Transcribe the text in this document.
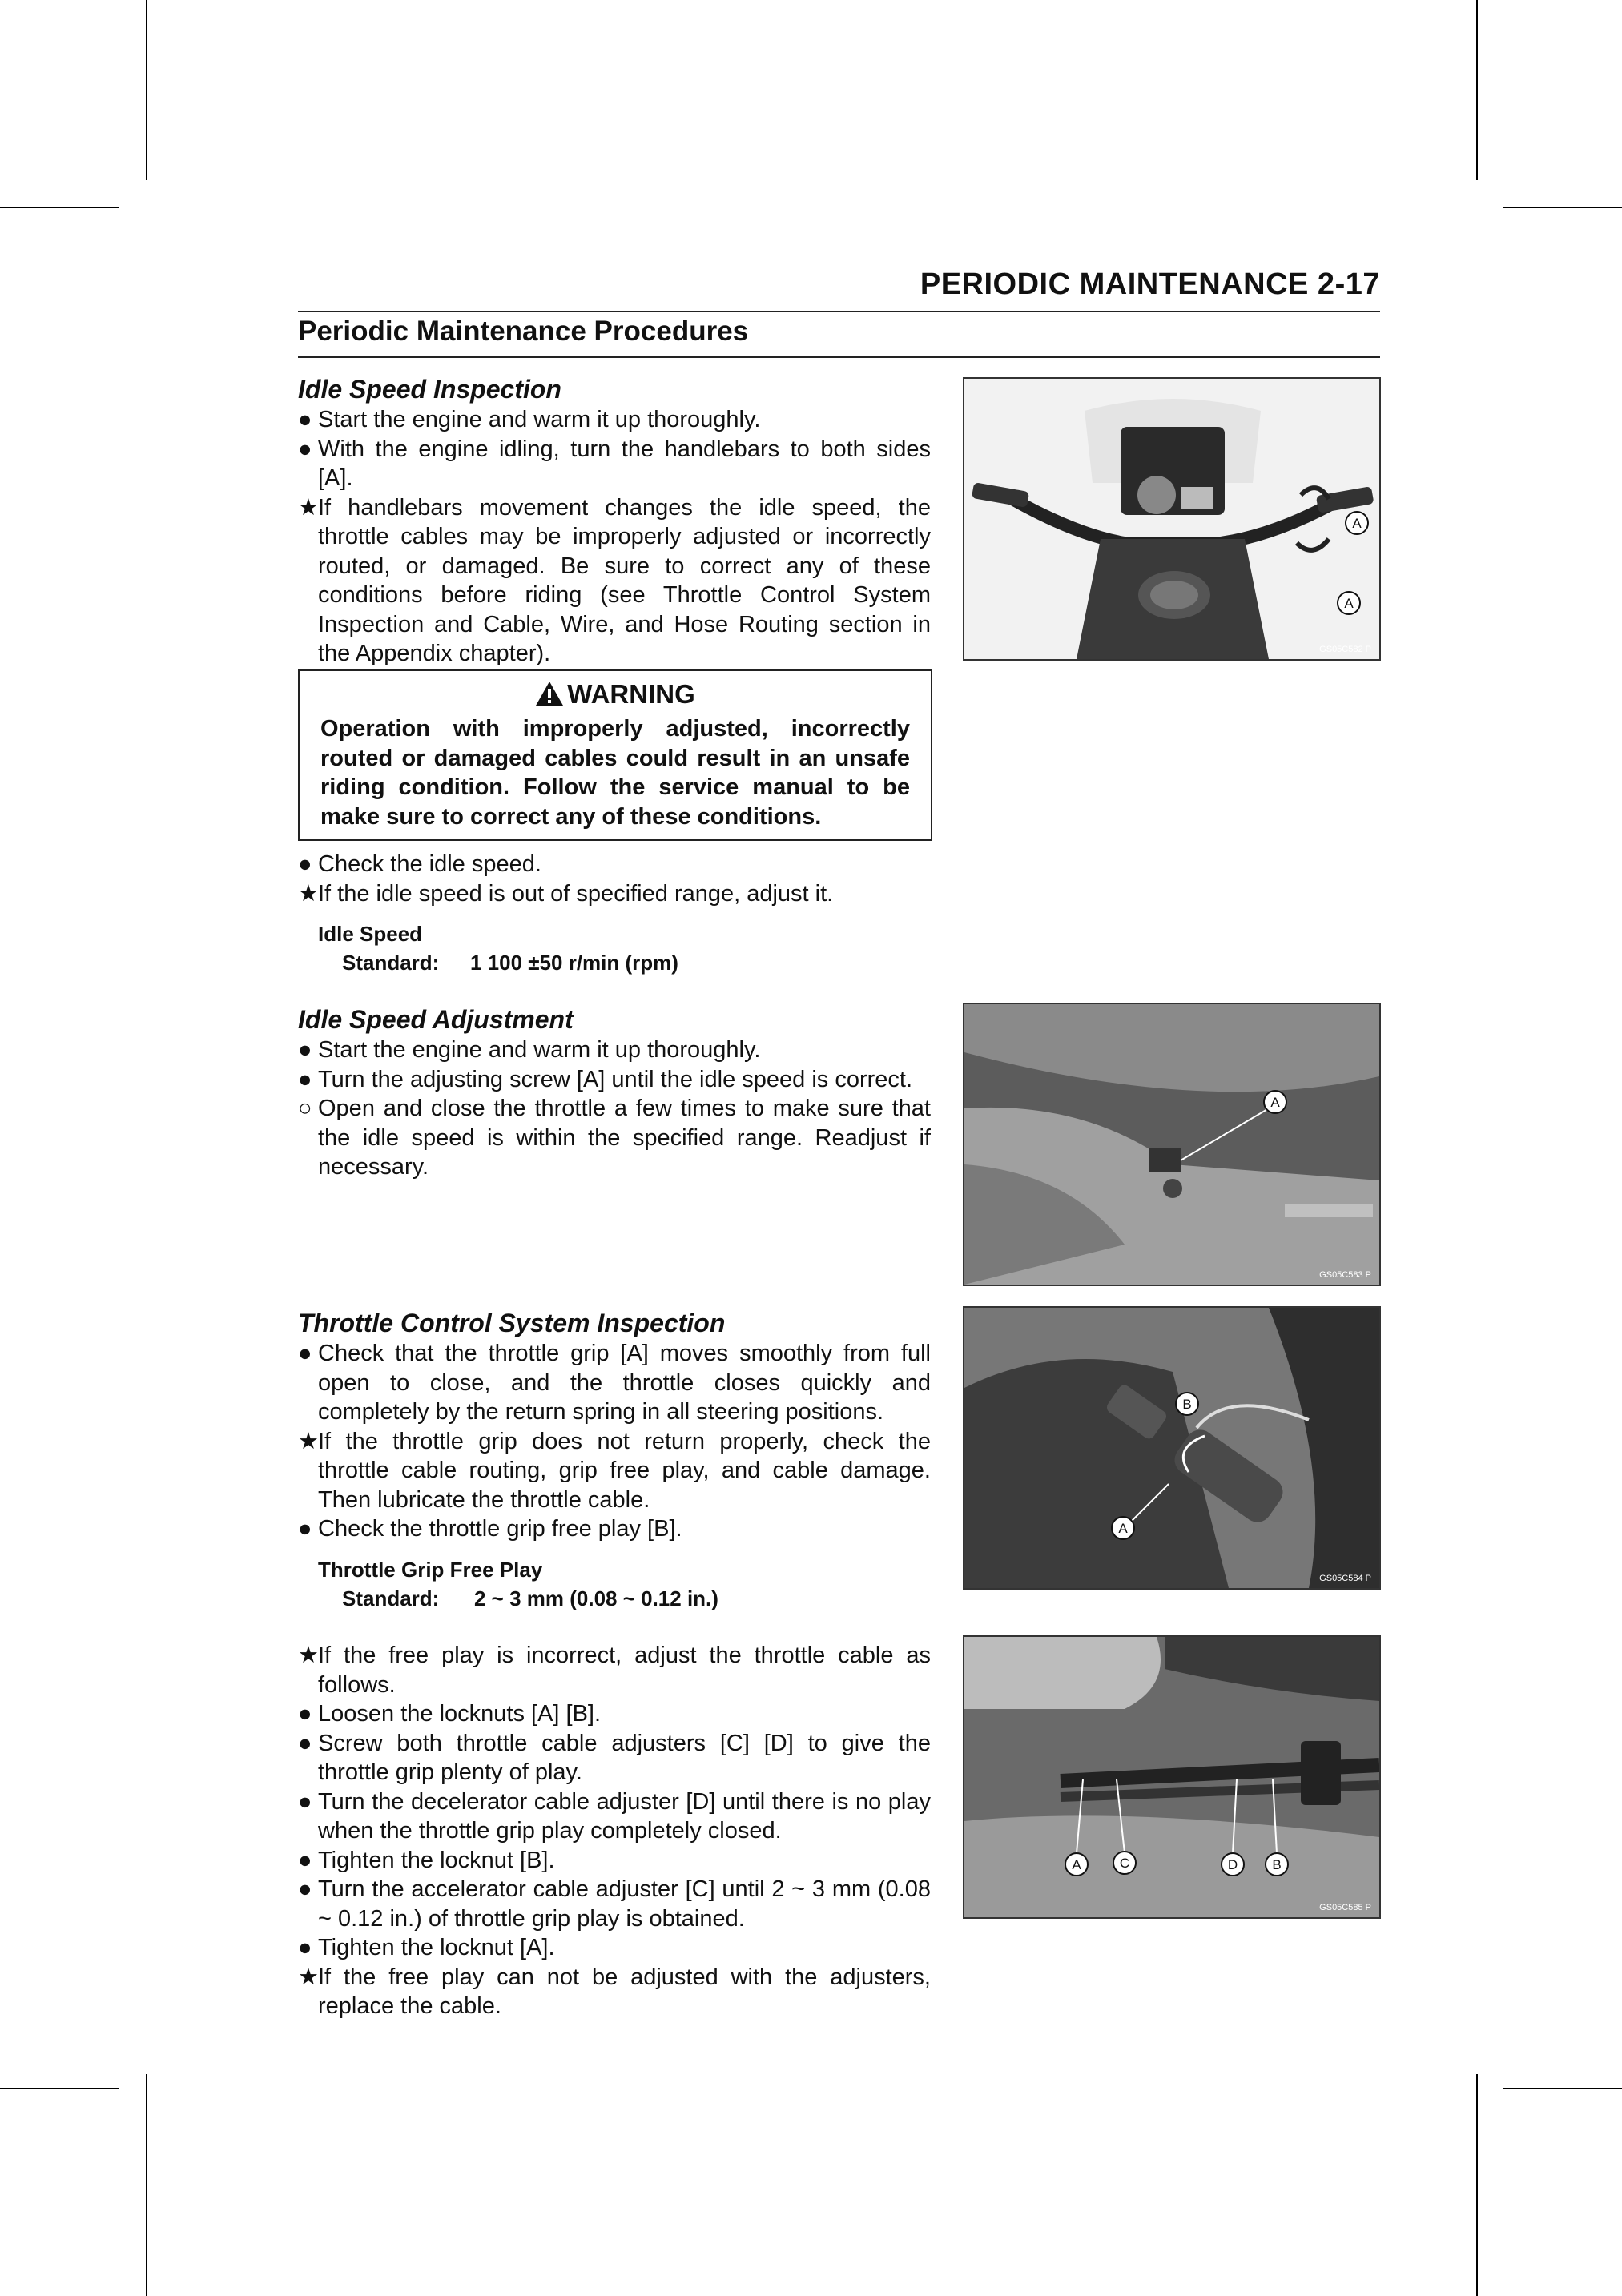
PERIODIC MAINTENANCE 2-17
Periodic Maintenance Procedures
Idle Speed Inspection
● Start the engine and warm it up thoroughly.
● With the engine idling, turn the handlebars to both sides [A].
★ If handlebars movement changes the idle speed, the throttle cables may be improperly adjusted or incorrectly routed, or damaged. Be sure to correct any of these conditions before riding (see Throttle Control System Inspection and Cable, Wire, and Hose Routing section in the Appendix chapter).
WARNING
Operation with improperly adjusted, incorrectly routed or damaged cables could result in an unsafe riding condition. Follow the service manual to be make sure to correct any of these conditions.
● Check the idle speed.
★ If the idle speed is out of specified range, adjust it.
Idle Speed
Standard: 1 100 ±50 r/min (rpm)
Idle Speed Adjustment
● Start the engine and warm it up thoroughly.
● Turn the adjusting screw [A] until the idle speed is correct.
○ Open and close the throttle a few times to make sure that the idle speed is within the specified range. Readjust if necessary.
Throttle Control System Inspection
● Check that the throttle grip [A] moves smoothly from full open to close, and the throttle closes quickly and completely by the return spring in all steering positions.
★ If the throttle grip does not return properly, check the throttle cable routing, grip free play, and cable damage. Then lubricate the throttle cable.
● Check the throttle grip free play [B].
Throttle Grip Free Play
Standard: 2 ~ 3 mm (0.08 ~ 0.12 in.)
★ If the free play is incorrect, adjust the throttle cable as follows.
● Loosen the locknuts [A] [B].
● Screw both throttle cable adjusters [C] [D] to give the throttle grip plenty of play.
● Turn the decelerator cable adjuster [D] until there is no play when the throttle grip play completely closed.
● Tighten the locknut [B].
● Turn the accelerator cable adjuster [C] until 2 ~ 3 mm (0.08 ~ 0.12 in.) of throttle grip play is obtained.
● Tighten the locknut [A].
★ If the free play can not be adjusted with the adjusters, replace the cable.
A
A
GS05C582 P
A
GS05C583 P
B
A
GS05C584 P
A	C	D	B
GS05C585 P
